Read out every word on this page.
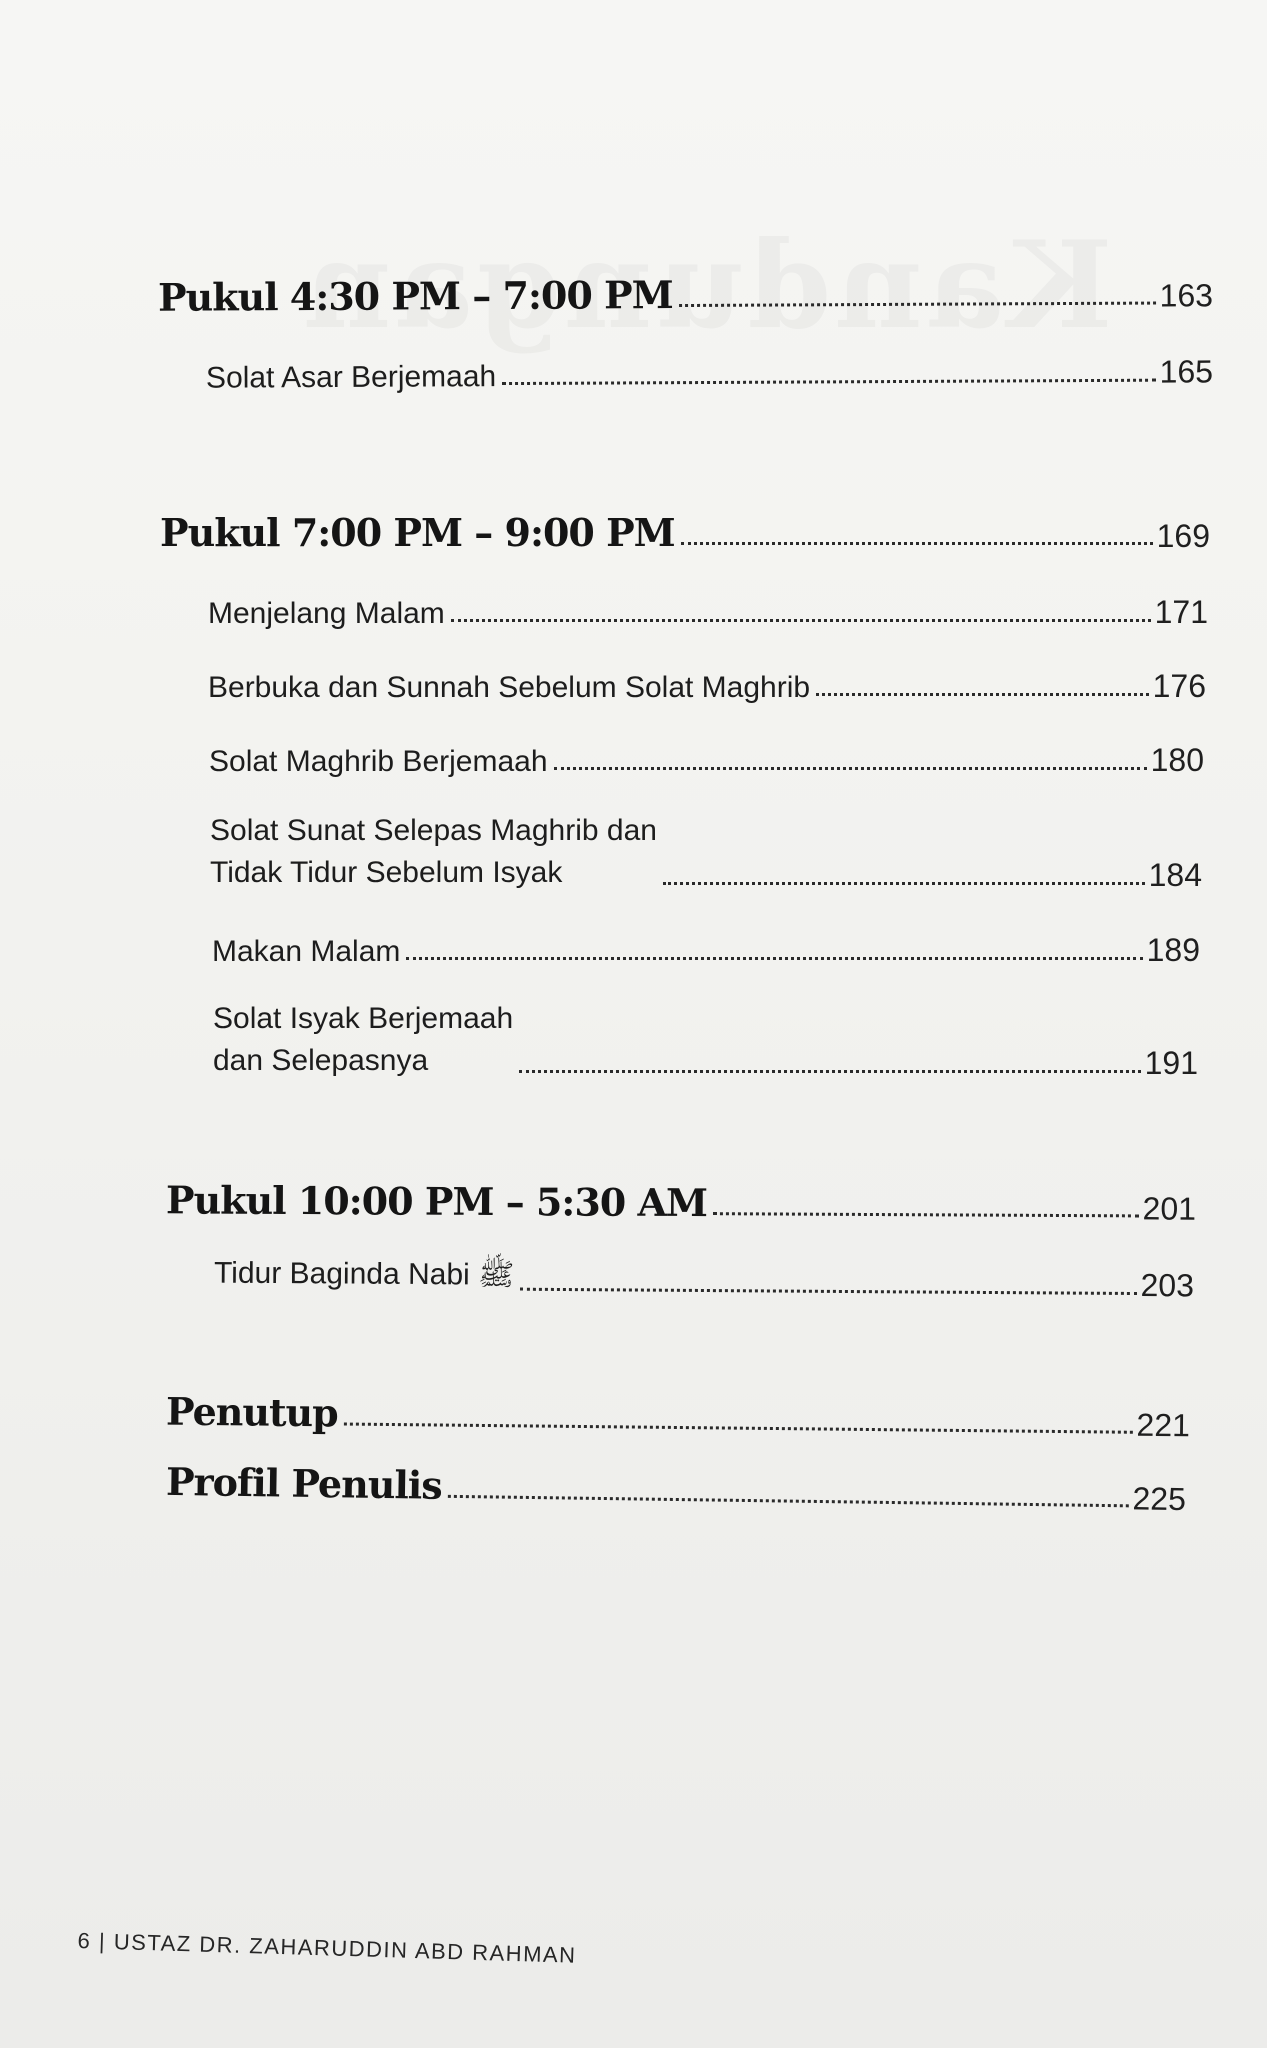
Pukul 4:30 PM – 7:00 PM	163
Solat Asar Berjemaah	165
Pukul 7:00 PM – 9:00 PM	169
Menjelang Malam	171
Berbuka dan Sunnah Sebelum Solat Maghrib	176
Solat Maghrib Berjemaah	180
Solat Sunat Selepas Maghrib dan
Tidak Tidur Sebelum Isyak	184
Makan Malam	189
Solat Isyak Berjemaah
dan Selepasnya	191
Pukul 10:00 PM – 5:30 AM	201
Tidur Baginda Nabi ﷺ	203
Penutup	221
Profil Penulis	225
6 | USTAZ DR. ZAHARUDDIN ABD RAHMAN
